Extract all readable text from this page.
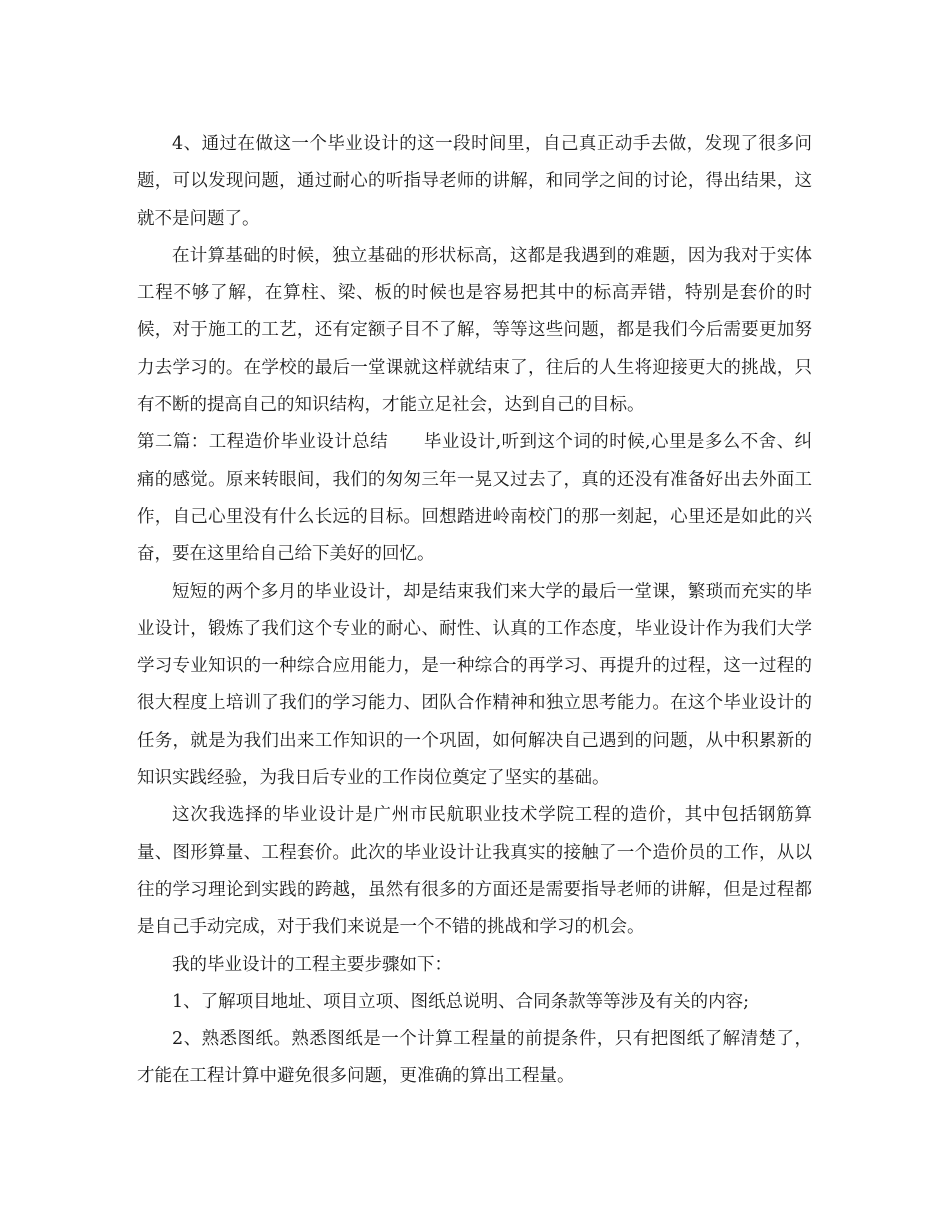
4、通过在做这一个毕业设计的这一段时间里，自己真正动手去做，发现了很多问题，可以发现问题，通过耐心的听指导老师的讲解，和同学之间的讨论，得出结果，这就不是问题了。

在计算基础的时候，独立基础的形状标高，这都是我遇到的难题，因为我对于实体工程不够了解，在算柱、梁、板的时候也是容易把其中的标高弄错，特别是套价的时候，对于施工的工艺，还有定额子目不了解，等等这些问题，都是我们今后需要更加努力去学习的。在学校的最后一堂课就这样就结束了，往后的人生将迎接更大的挑战，只有不断的提高自己的知识结构，才能立足社会，达到自己的目标。

第二篇：工程造价毕业设计总结　　毕业设计,听到这个词的时候,心里是多么不舍、纠痛的感觉。原来转眼间，我们的匆匆三年一晃又过去了，真的还没有准备好出去外面工作，自己心里没有什么长远的目标。回想踏进岭南校门的那一刻起，心里还是如此的兴奋，要在这里给自己给下美好的回忆。

短短的两个多月的毕业设计，却是结束我们来大学的最后一堂课，繁琐而充实的毕业设计，锻炼了我们这个专业的耐心、耐性、认真的工作态度，毕业设计作为我们大学学习专业知识的一种综合应用能力，是一种综合的再学习、再提升的过程，这一过程的很大程度上培训了我们的学习能力、团队合作精神和独立思考能力。在这个毕业设计的任务，就是为我们出来工作知识的一个巩固，如何解决自己遇到的问题，从中积累新的知识实践经验，为我日后专业的工作岗位奠定了坚实的基础。

这次我选择的毕业设计是广州市民航职业技术学院工程的造价，其中包括钢筋算量、图形算量、工程套价。此次的毕业设计让我真实的接触了一个造价员的工作，从以往的学习理论到实践的跨越，虽然有很多的方面还是需要指导老师的讲解，但是过程都是自己手动完成，对于我们来说是一个不错的挑战和学习的机会。

我的毕业设计的工程主要步骤如下：

1、了解项目地址、项目立项、图纸总说明、合同条款等等涉及有关的内容;

2、熟悉图纸。熟悉图纸是一个计算工程量的前提条件，只有把图纸了解清楚了，才能在工程计算中避免很多问题，更准确的算出工程量。
